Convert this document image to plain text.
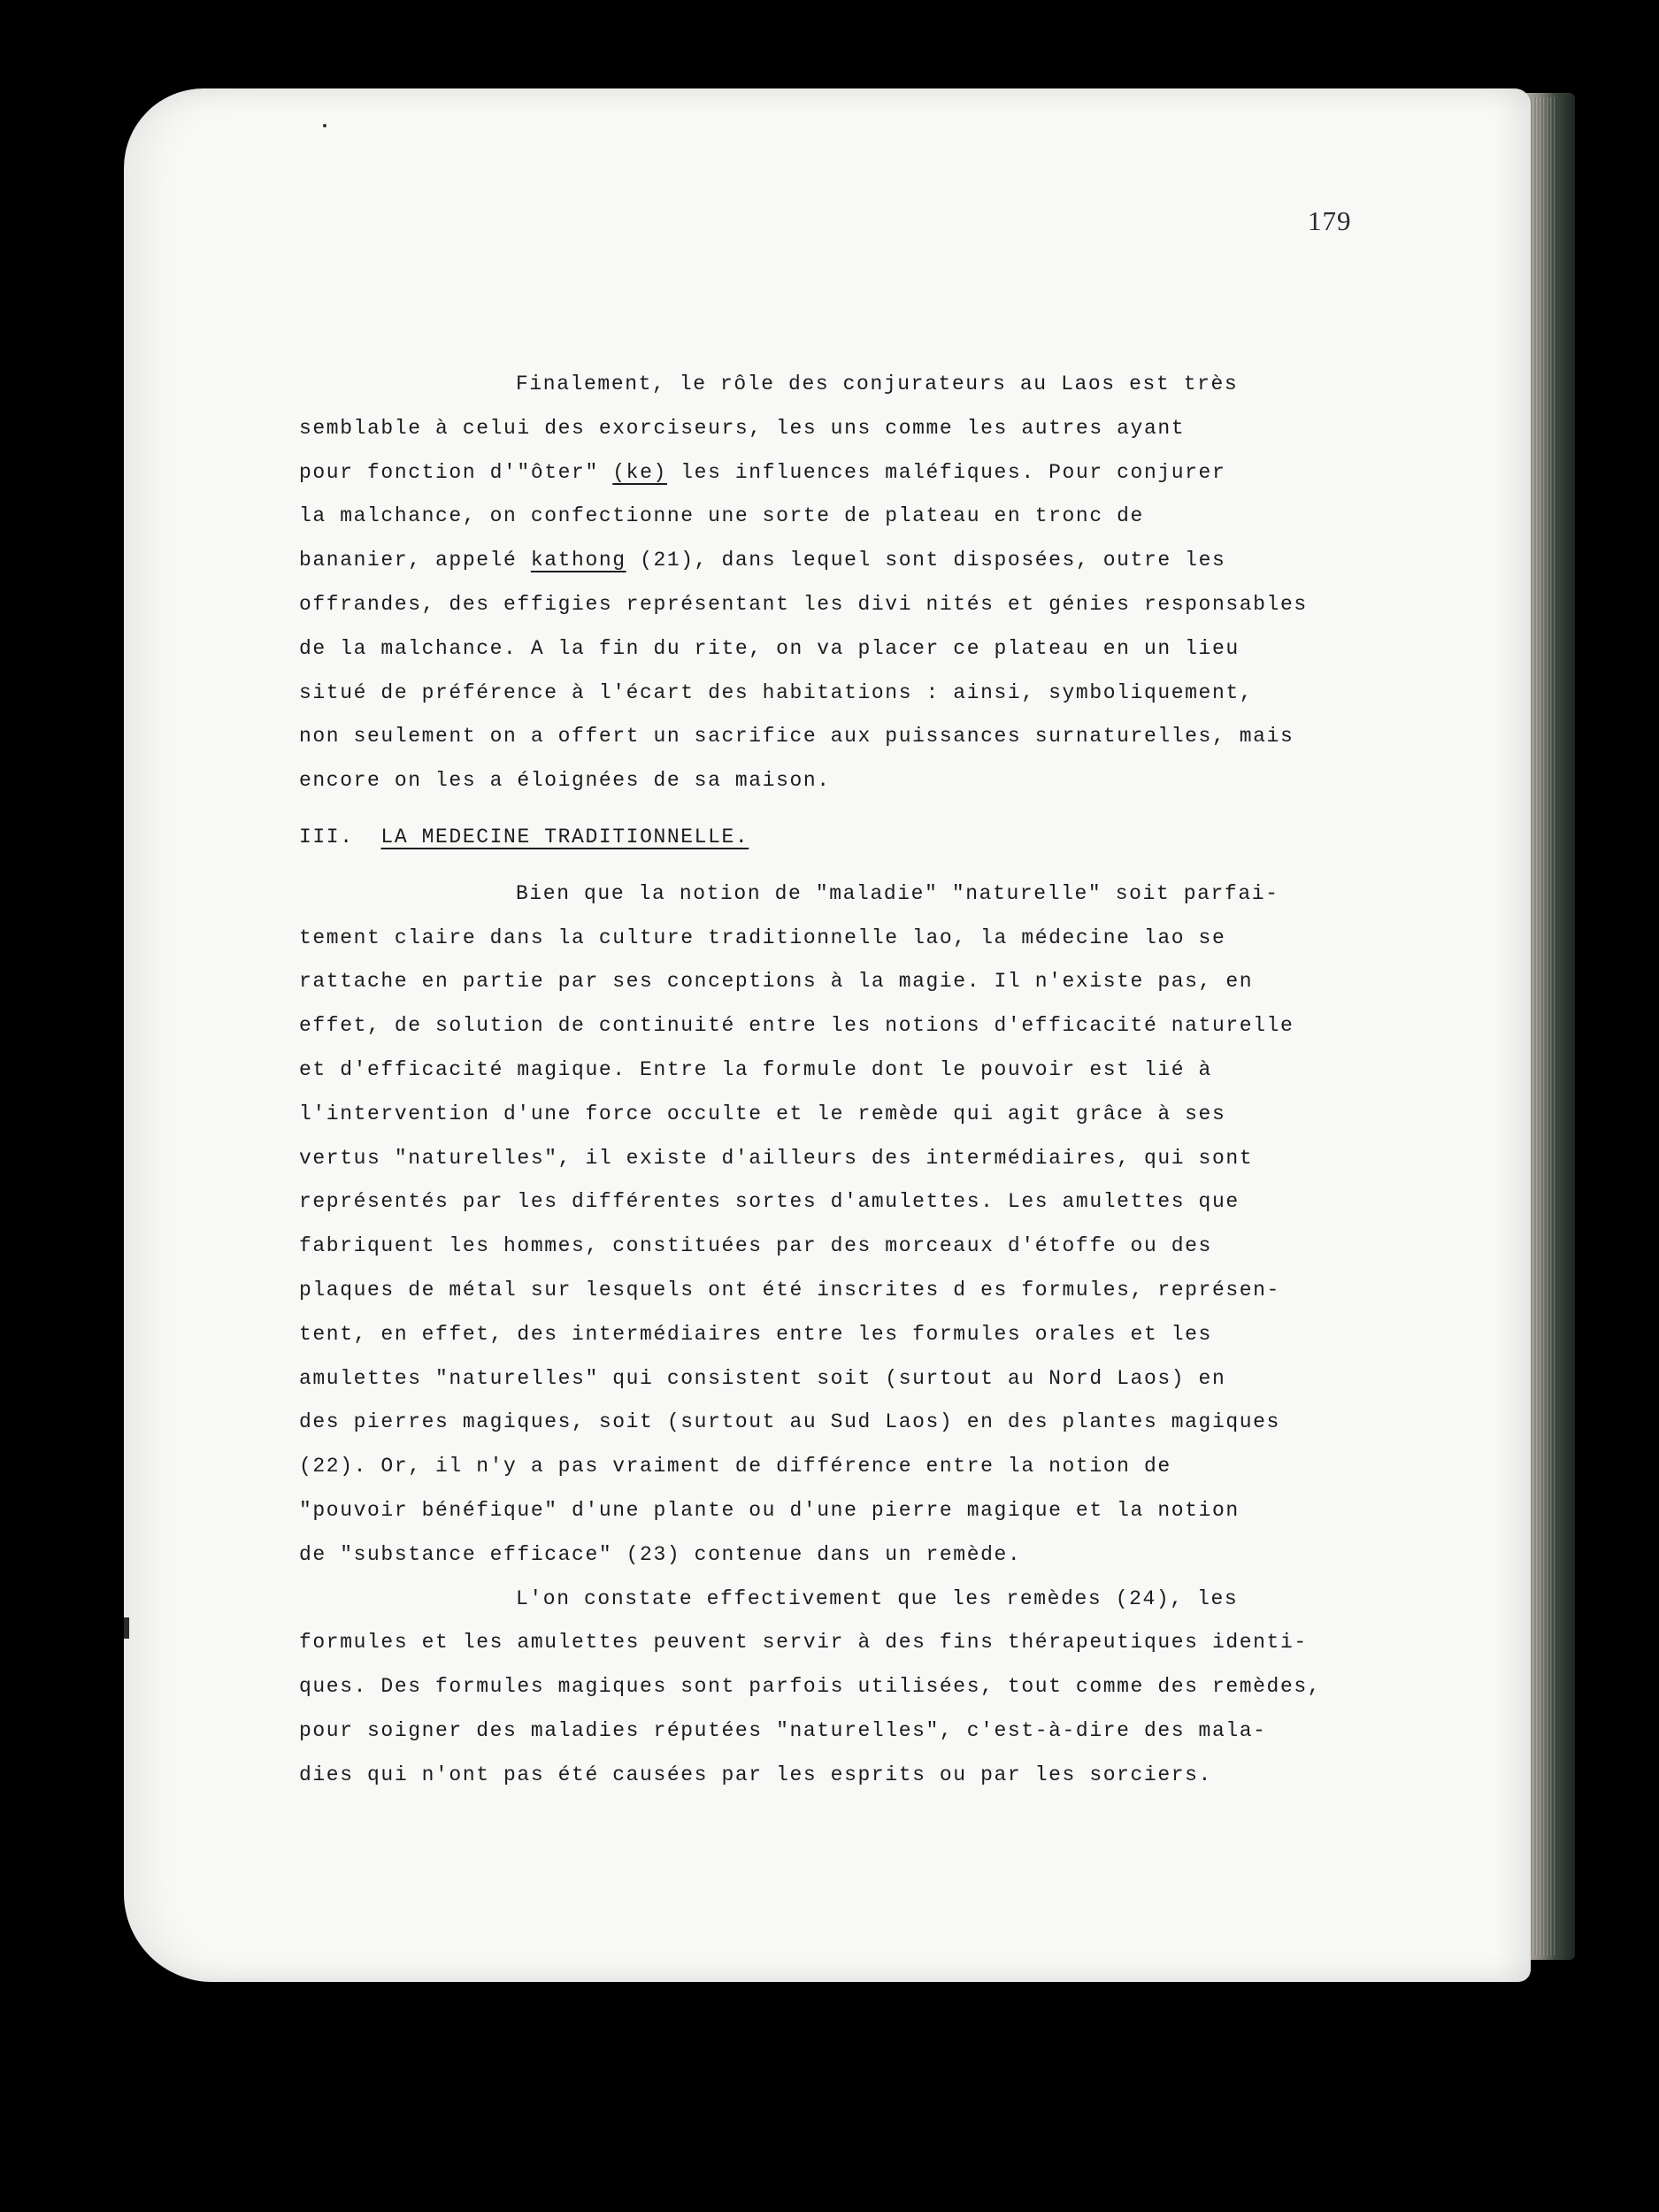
179
Finalement, le rôle des conjurateurs au Laos est très
semblable à celui des exorciseurs, les uns comme les autres ayant
pour fonction d'"ôter" (ke) les influences maléfiques. Pour conjurer
la malchance, on confectionne une sorte de plateau en tronc de
bananier, appelé kathong (21), dans lequel sont disposées, outre les
offrandes, des effigies représentant les divi nités et génies responsables
de la malchance. A la fin du rite, on va placer ce plateau en un lieu
situé de préférence à l'écart des habitations : ainsi, symboliquement,
non seulement on a offert un sacrifice aux puissances surnaturelles, mais
encore on les a éloignées de sa maison.
III. LA MEDECINE TRADITIONNELLE.
Bien que la notion de "maladie" "naturelle" soit parfai-
tement claire dans la culture traditionnelle lao, la médecine lao se
rattache en partie par ses conceptions à la magie. Il n'existe pas, en
effet, de solution de continuité entre les notions d'efficacité naturelle
et d'efficacité magique. Entre la formule dont le pouvoir est lié à
l'intervention d'une force occulte et le remède qui agit grâce à ses
vertus "naturelles", il existe d'ailleurs des intermédiaires, qui sont
représentés par les différentes sortes d'amulettes. Les amulettes que
fabriquent les hommes, constituées par des morceaux d'étoffe ou des
plaques de métal sur lesquels ont été inscrites d es formules, représen-
tent, en effet, des intermédiaires entre les formules orales et les
amulettes "naturelles" qui consistent soit (surtout au Nord Laos) en
des pierres magiques, soit (surtout au Sud Laos) en des plantes magiques
(22). Or, il n'y a pas vraiment de différence entre la notion de
"pouvoir bénéfique" d'une plante ou d'une pierre magique et la notion
de "substance efficace" (23) contenue dans un remède.
L'on constate effectivement que les remèdes (24), les
formules et les amulettes peuvent servir à des fins thérapeutiques identi-
ques. Des formules magiques sont parfois utilisées, tout comme des remèdes,
pour soigner des maladies réputées "naturelles", c'est-à-dire des mala-
dies qui n'ont pas été causées par les esprits ou par les sorciers.
